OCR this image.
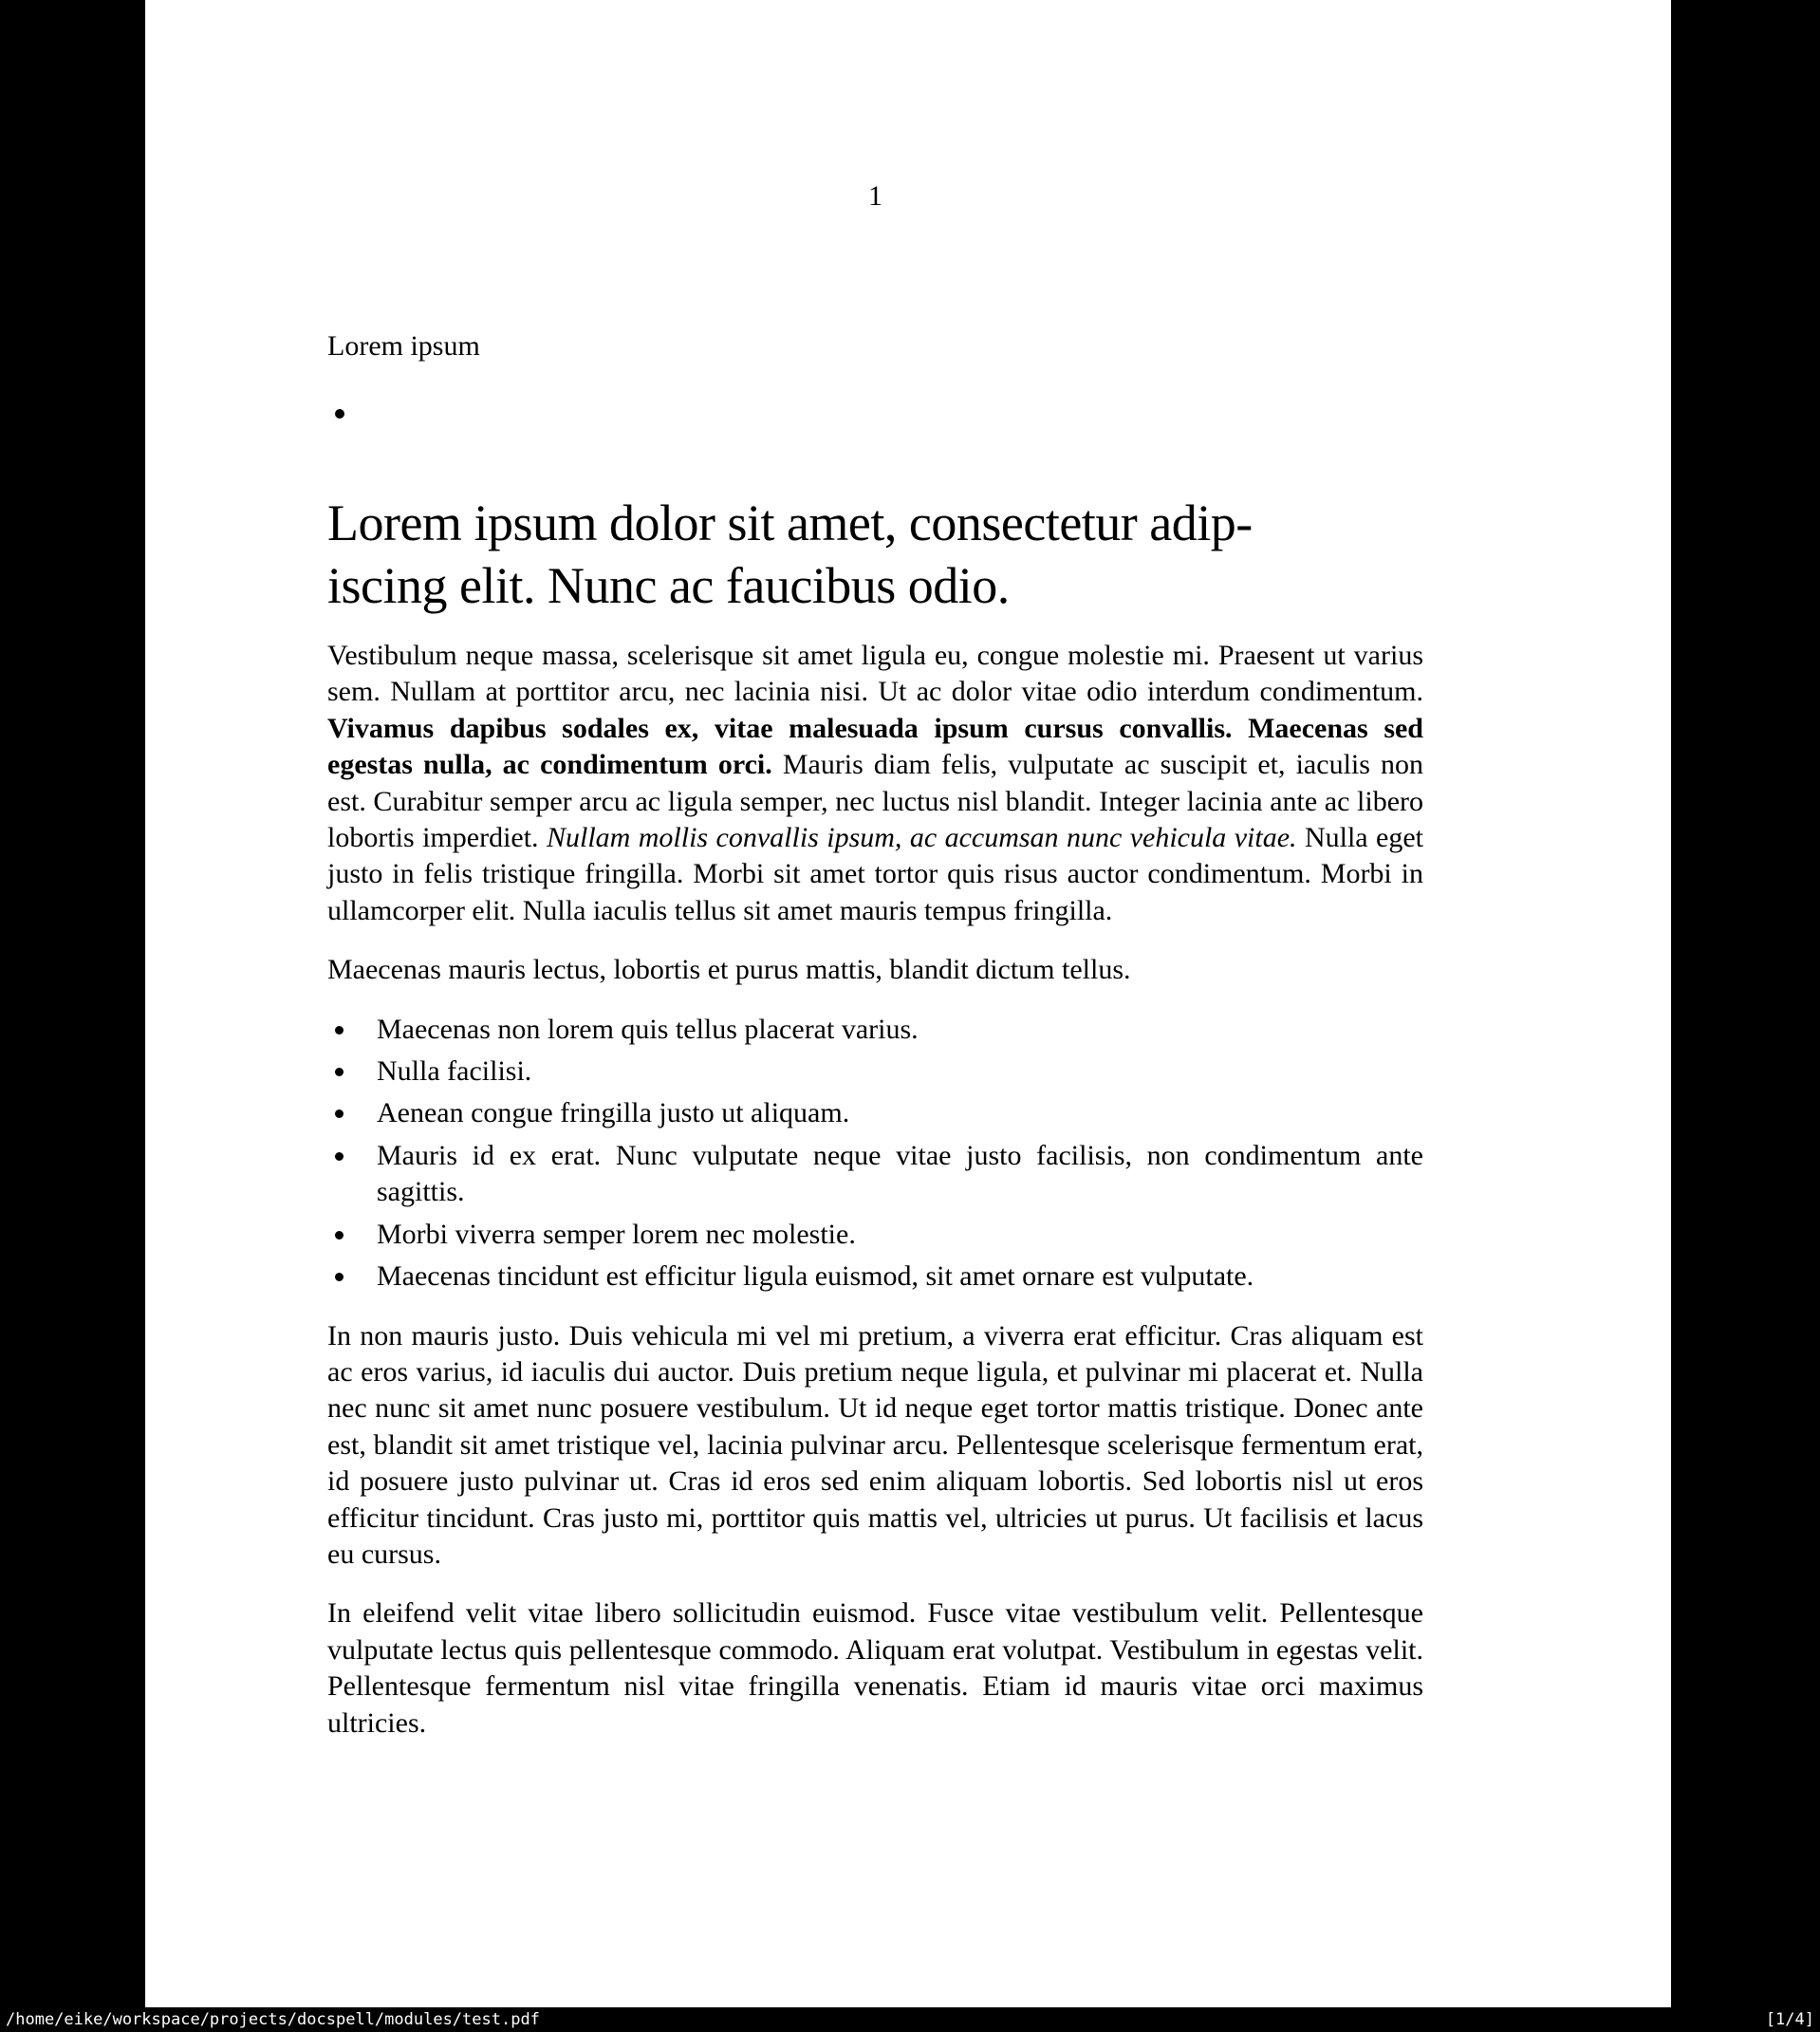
1
Lorem ipsum
Lorem ipsum dolor sit amet, consectetur adip-
iscing elit. Nunc ac faucibus odio.

Vestibulum neque massa, scelerisque sit amet ligula eu, congue molestie mi. Praesent ut varius sem. Nullam at porttitor arcu, nec lacinia nisi. Ut ac dolor vitae odio interdum condimentum. Vivamus dapibus sodales ex, vitae malesuada ipsum cursus convallis. Maecenas sed egestas nulla, ac condimentum orci. Mauris diam felis, vulputate ac suscipit et, iaculis non est. Curabitur semper arcu ac ligula semper, nec luctus nisl blandit. Integer lacinia ante ac libero lobortis imperdiet. Nullam mollis convallis ipsum, ac accumsan nunc vehicula vitae. Nulla eget justo in felis tristique fringilla. Morbi sit amet tortor quis risus auctor condimentum. Morbi in ullamcorper elit. Nulla iaculis tellus sit amet mauris tempus fringilla.

Maecenas mauris lectus, lobortis et purus mattis, blandit dictum tellus.

Maecenas non lorem quis tellus placerat varius.
Nulla facilisi.
Aenean congue fringilla justo ut aliquam.
Mauris id ex erat. Nunc vulputate neque vitae justo facilisis, non condimentum ante sagittis.
Morbi viverra semper lorem nec molestie.
Maecenas tincidunt est efficitur ligula euismod, sit amet ornare est vulputate.

In non mauris justo. Duis vehicula mi vel mi pretium, a viverra erat efficitur. Cras aliquam est ac eros varius, id iaculis dui auctor. Duis pretium neque ligula, et pulvinar mi placerat et. Nulla nec nunc sit amet nunc posuere vestibulum. Ut id neque eget tortor mattis tristique. Donec ante est, blandit sit amet tristique vel, lacinia pulvinar arcu. Pellentesque scelerisque fermentum erat, id posuere justo pulvinar ut. Cras id eros sed enim aliquam lobortis. Sed lobortis nisl ut eros efficitur tincidunt. Cras justo mi, porttitor quis mattis vel, ultricies ut purus. Ut facilisis et lacus eu cursus.

In eleifend velit vitae libero sollicitudin euismod. Fusce vitae vestibulum velit. Pellentesque vulputate lectus quis pellentesque commodo. Aliquam erat volutpat. Vestibulum in egestas velit. Pellentesque fermentum nisl vitae fringilla venenatis. Etiam id mauris vitae orci maximus ultricies.

/home/eike/workspace/projects/docspell/modules/test.pdf	[1/4]
